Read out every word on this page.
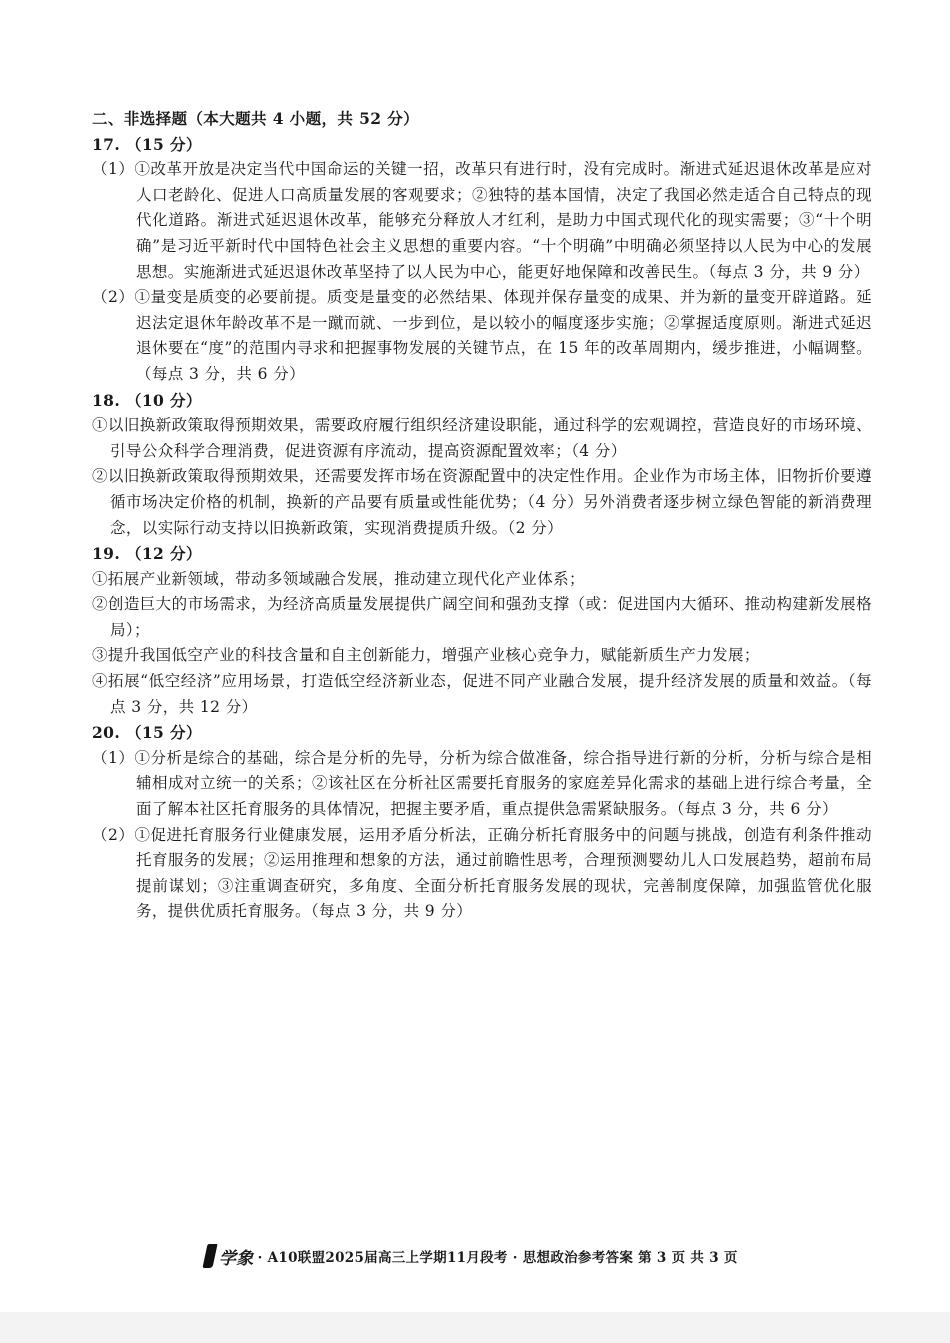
二、非选择题（本大题共 4 小题，共 52 分）

17. （15 分）

（1）①改革开放是决定当代中国命运的关键一招，改革只有进行时，没有完成时。渐进式延迟退休改革是应对人口老龄化、促进人口高质量发展的客观要求；②独特的基本国情，决定了我国必然走适合自己特点的现代化道路。渐进式延迟退休改革，能够充分释放人才红利，是助力中国式现代化的现实需要；③“十个明确”是习近平新时代中国特色社会主义思想的重要内容。“十个明确”中明确必须坚持以人民为中心的发展思想。实施渐进式延迟退休改革坚持了以人民为中心，能更好地保障和改善民生。（每点 3 分，共 9 分）

（2）①量变是质变的必要前提。质变是量变的必然结果、体现并保存量变的成果、并为新的量变开辟道路。延迟法定退休年龄改革不是一蹴而就、一步到位，是以较小的幅度逐步实施；②掌握适度原则。渐进式延迟退休要在“度”的范围内寻求和把握事物发展的关键节点，在 15 年的改革周期内，缓步推进，小幅调整。（每点 3 分，共 6 分）

18. （10 分）

①以旧换新政策取得预期效果，需要政府履行组织经济建设职能，通过科学的宏观调控，营造良好的市场环境、引导公众科学合理消费，促进资源有序流动，提高资源配置效率；（4 分）

②以旧换新政策取得预期效果，还需要发挥市场在资源配置中的决定性作用。企业作为市场主体，旧物折价要遵循市场决定价格的机制，换新的产品要有质量或性能优势；（4 分）另外消费者逐步树立绿色智能的新消费理念，以实际行动支持以旧换新政策，实现消费提质升级。（2 分）

19. （12 分）

①拓展产业新领域，带动多领域融合发展，推动建立现代化产业体系；

②创造巨大的市场需求，为经济高质量发展提供广阔空间和强劲支撑（或：促进国内大循环、推动构建新发展格局）；

③提升我国低空产业的科技含量和自主创新能力，增强产业核心竞争力，赋能新质生产力发展；

④拓展“低空经济”应用场景，打造低空经济新业态，促进不同产业融合发展，提升经济发展的质量和效益。（每点 3 分，共 12 分）

20. （15 分）

（1）①分析是综合的基础，综合是分析的先导，分析为综合做准备，综合指导进行新的分析，分析与综合是相辅相成对立统一的关系；②该社区在分析社区需要托育服务的家庭差异化需求的基础上进行综合考量，全面了解本社区托育服务的具体情况，把握主要矛盾，重点提供急需紧缺服务。（每点 3 分，共 6 分）

（2）①促进托育服务行业健康发展，运用矛盾分析法，正确分析托育服务中的问题与挑战，创造有利条件推动托育服务的发展；②运用推理和想象的方法，通过前瞻性思考，合理预测婴幼儿人口发展趋势，超前布局提前谋划；③注重调查研究，多角度、全面分析托育服务发展的现状，完善制度保障，加强监管优化服务，提供优质托育服务。（每点 3 分，共 9 分）

学象 · A10联盟2025届高三上学期11月段考 · 思想政治参考答案 第 3 页 共 3 页
